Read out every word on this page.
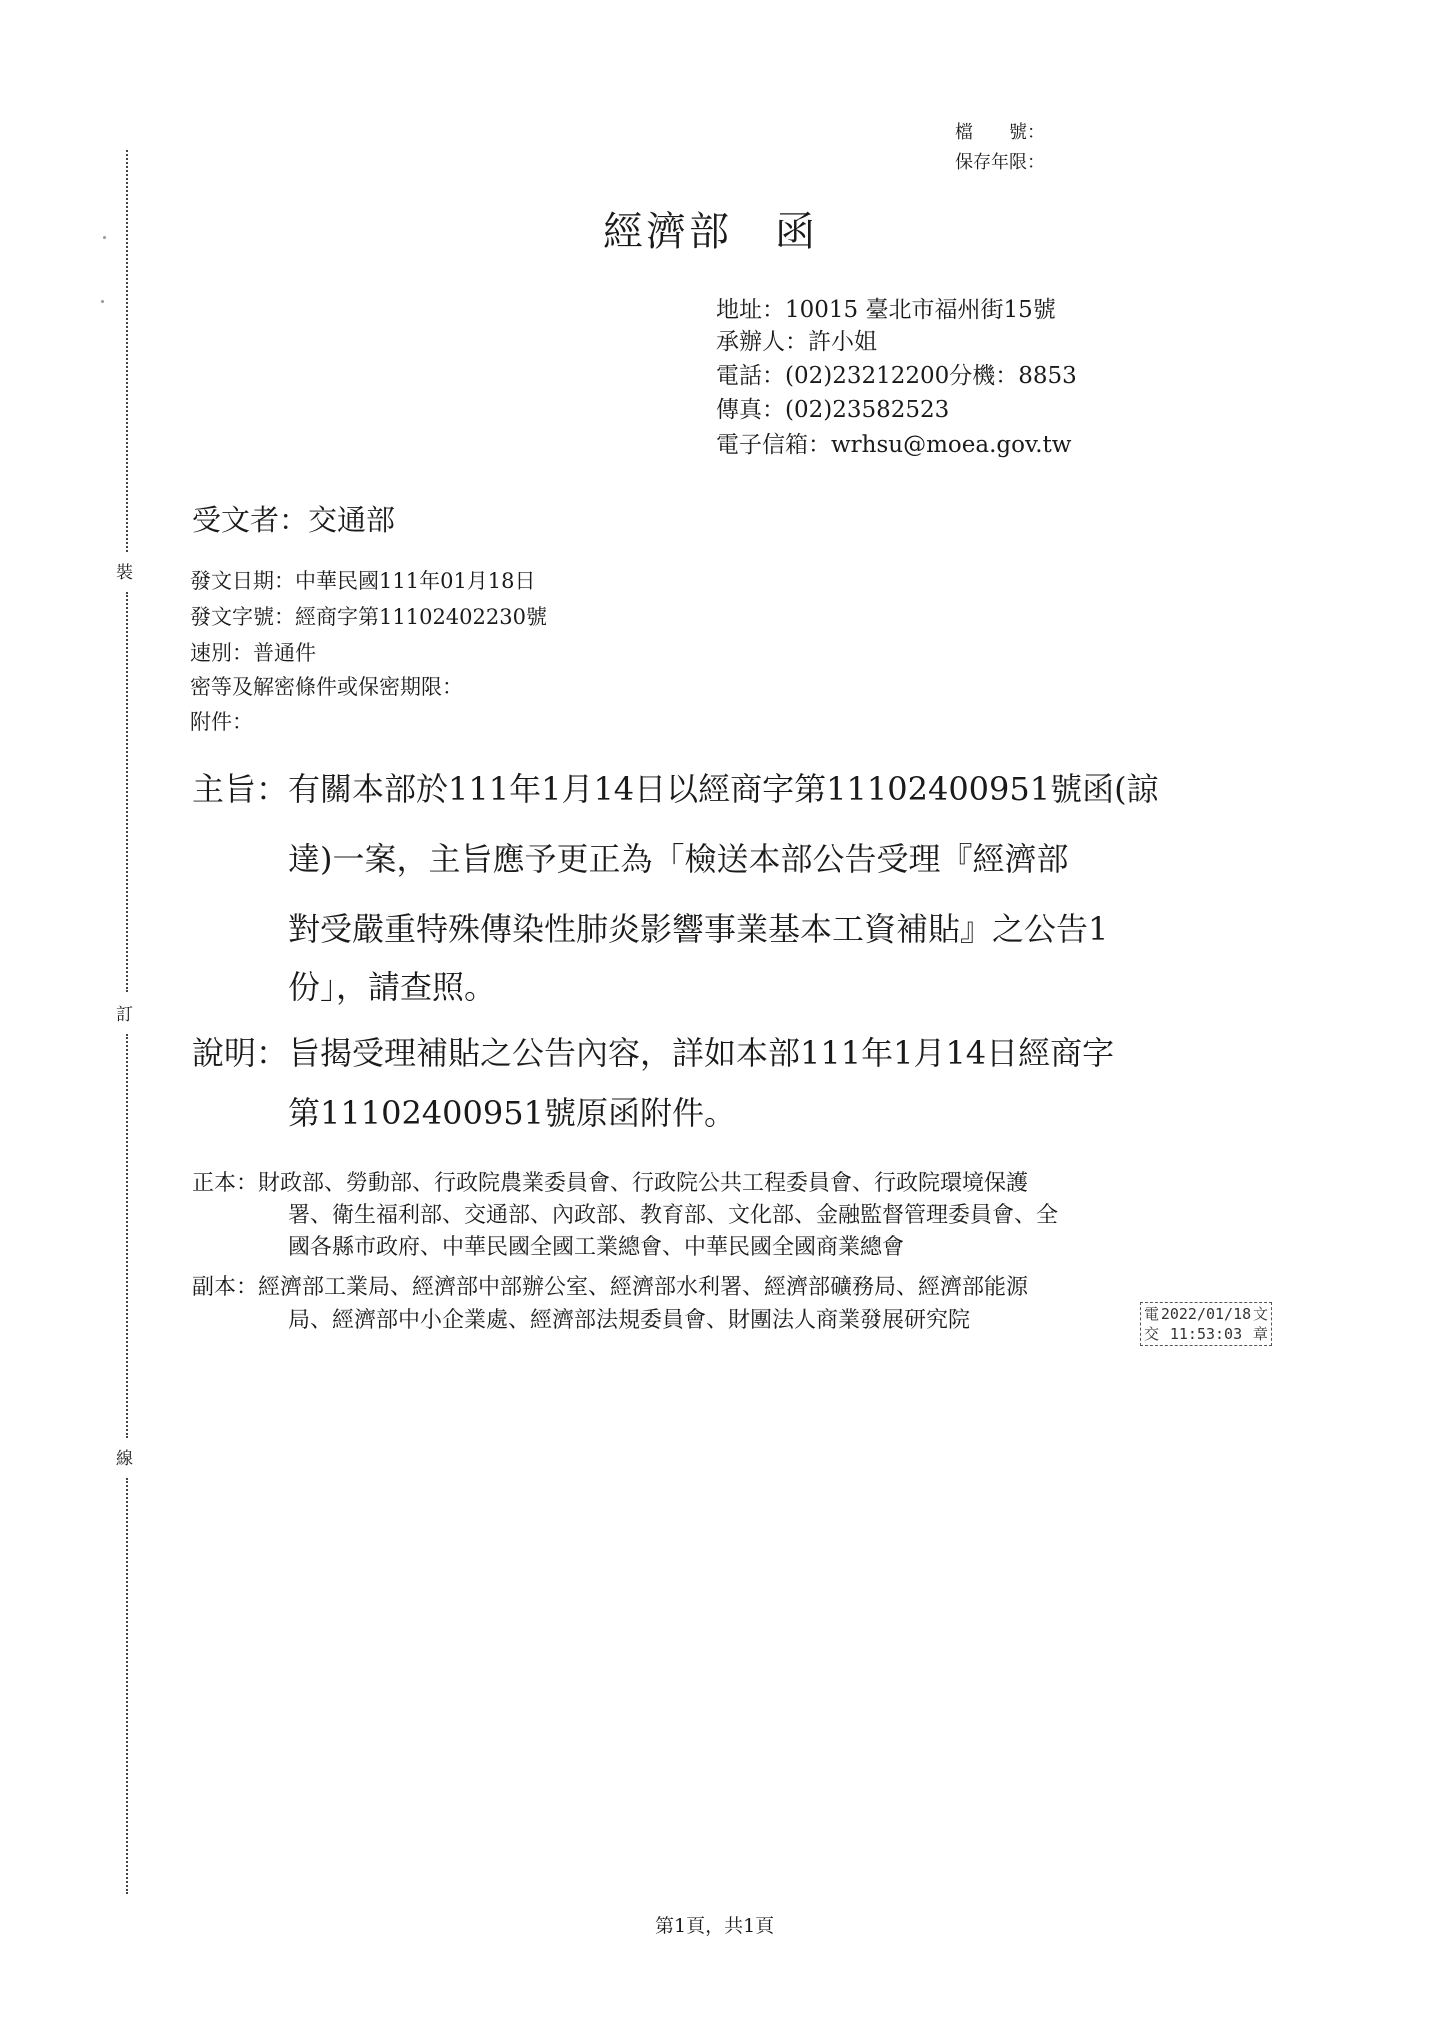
裝
訂
線
檔　　號：
保存年限：
經濟部　函
地址：10015 臺北市福州街15號
承辦人：許小姐
電話：(02)23212200分機：8853
傳真：(02)23582523
電子信箱：wrhsu@moea.gov.tw
受文者：交通部
發文日期：中華民國111年01月18日
發文字號：經商字第11102402230號
速別：普通件
密等及解密條件或保密期限：
附件：
主旨：有關本部於111年1月14日以經商字第11102400951號函(諒
達)一案，主旨應予更正為「檢送本部公告受理『經濟部
對受嚴重特殊傳染性肺炎影響事業基本工資補貼』之公告1
份」，請查照。
說明：旨揭受理補貼之公告內容，詳如本部111年1月14日經商字
第11102400951號原函附件。
正本：財政部、勞動部、行政院農業委員會、行政院公共工程委員會、行政院環境保護
署、衛生福利部、交通部、內政部、教育部、文化部、金融監督管理委員會、全
國各縣市政府、中華民國全國工業總會、中華民國全國商業總會
副本：經濟部工業局、經濟部中部辦公室、經濟部水利署、經濟部礦務局、經濟部能源
局、經濟部中小企業處、經濟部法規委員會、財團法人商業發展研究院	電 2022/01/18 文
交 11:53:03 章
第1頁，共1頁
